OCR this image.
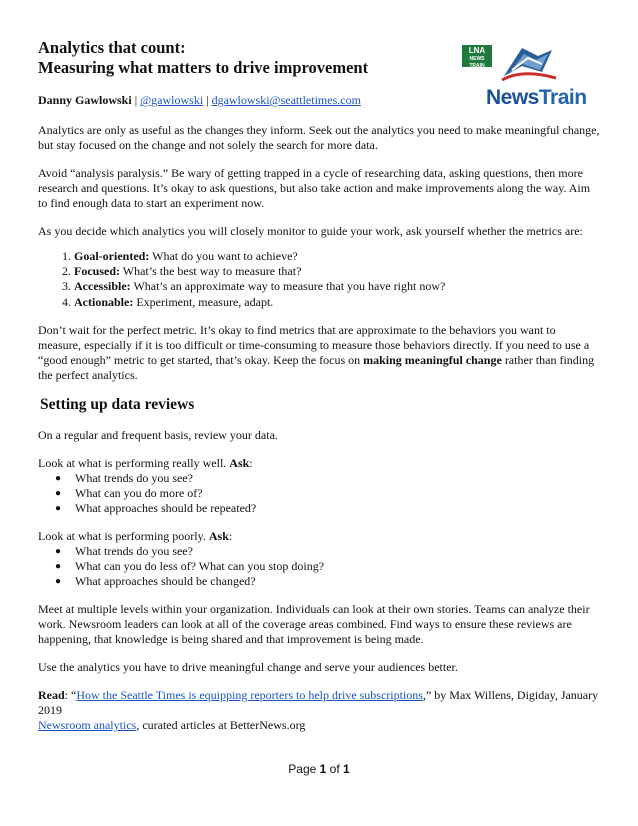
Analytics that count:
Measuring what matters to drive improvement
Danny Gawlowski | @gawlowski | dgawlowski@seattletimes.com
LNA
NEWS TRAIN
NewsTrain

Analytics are only as useful as the changes they inform. Seek out the analytics you need to make meaningful change, but stay focused on the change and not solely the search for more data.

Avoid “analysis paralysis.” Be wary of getting trapped in a cycle of researching data, asking questions, then more research and questions. It’s okay to ask questions, but also take action and make improvements along the way. Aim to find enough data to start an experiment now.

As you decide which analytics you will closely monitor to guide your work, ask yourself whether the metrics are:

1. Goal-oriented: What do you want to achieve?
2. Focused: What’s the best way to measure that?
3. Accessible: What’s an approximate way to measure that you have right now?
4. Actionable: Experiment, measure, adapt.

Don’t wait for the perfect metric. It’s okay to find metrics that are approximate to the behaviors you want to measure, especially if it is too difficult or time-consuming to measure those behaviors directly. If you need to use a “good enough” metric to get started, that’s okay. Keep the focus on making meaningful change rather than finding the perfect analytics.

Setting up data reviews

On a regular and frequent basis, review your data.

Look at what is performing really well. Ask:

● What trends do you see?
● What can you do more of?
● What approaches should be repeated?

Look at what is performing poorly. Ask:

● What trends do you see?
● What can you do less of? What can you stop doing?
● What approaches should be changed?

Meet at multiple levels within your organization. Individuals can look at their own stories. Teams can analyze their work. Newsroom leaders can look at all of the coverage areas combined. Find ways to ensure these reviews are happening, that knowledge is being shared and that improvement is being made.

Use the analytics you have to drive meaningful change and serve your audiences better.

Read: “How the Seattle Times is equipping reporters to help drive subscriptions,” by Max Willens, Digiday, January 2019
Newsroom analytics, curated articles at BetterNews.org

Page 1 of 1
